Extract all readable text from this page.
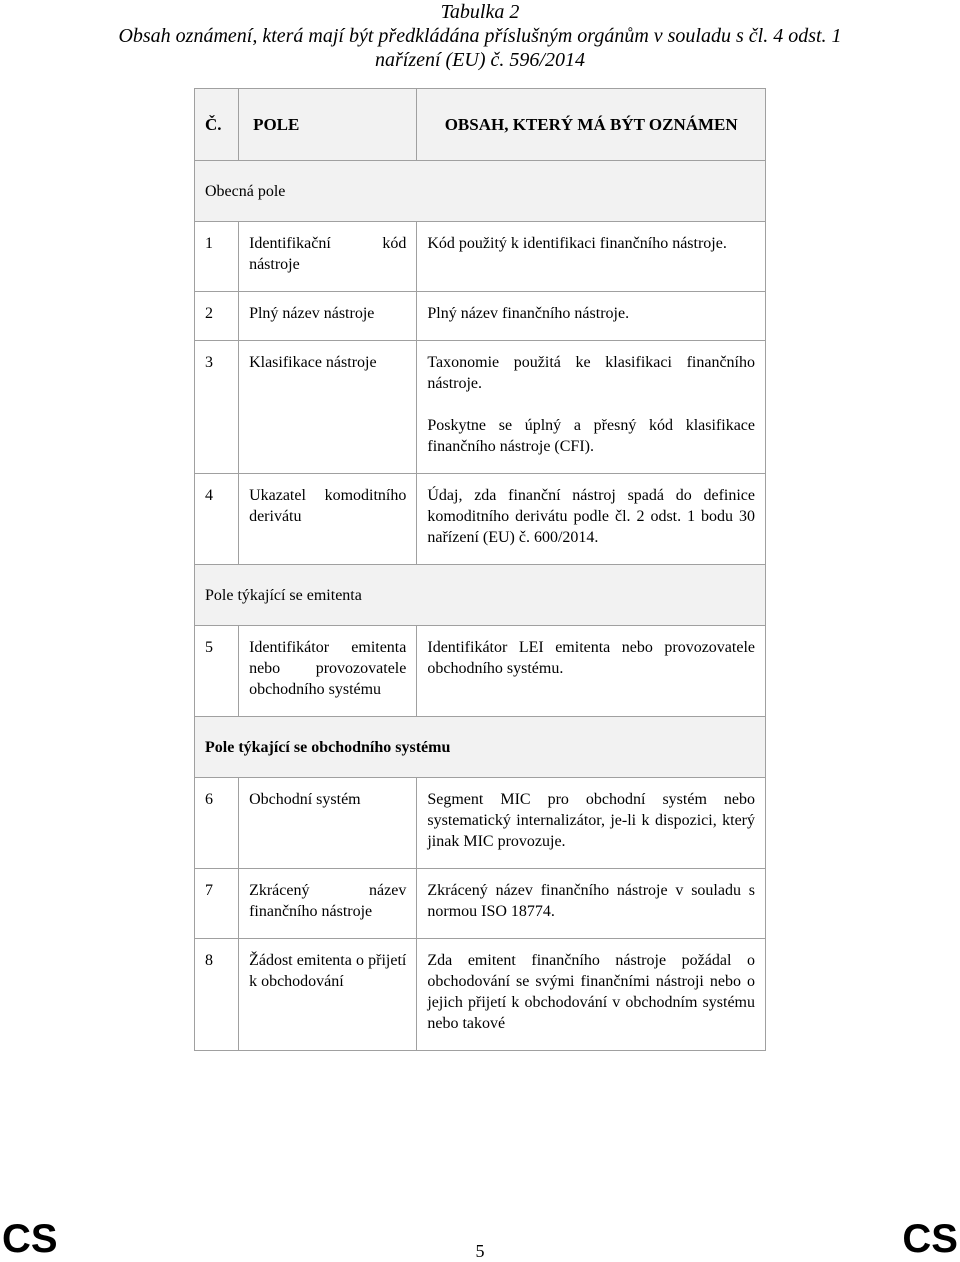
Tabulka 2
Obsah oznámení, která mají být předkládána příslušným orgánům v souladu s čl. 4 odst. 1
nařízení (EU) č. 596/2014
Č.	POLE	OBSAH, KTERÝ MÁ BÝT OZNÁMEN
Obecná pole		
1	Identifikační kód nástroje	Kód použitý k identifikaci finančního nástroje.

2	Plný název nástroje	Plný název finančního nástroje.

3	Klasifikace nástroje	Taxonomie použitá ke klasifikaci finančního nástroje.
Poskytne se úplný a přesný kód klasifikace finančního nástroje (CFI).

4	Ukazatel komoditního derivátu	Údaj, zda finanční nástroj spadá do definice komoditního derivátu podle čl. 2 odst. 1 bodu 30 nařízení (EU) č. 600/2014.

Pole týkající se emitenta		
5	Identifikátor emitenta nebo provozovatele obchodního systému	Identifikátor LEI emitenta nebo provozovatele obchodního systému.

Pole týkající se obchodního systému		
6	Obchodní systém	Segment MIC pro obchodní systém nebo systematický internalizátor, je-li k dispozici, který jinak MIC provozuje.

7	Zkrácený název finančního nástroje	Zkrácený název finančního nástroje v souladu s normou ISO 18774.

8	Žádost emitenta o přijetí k obchodování	Zda emitent finančního nástroje požádal o obchodování se svými finančními nástroji nebo o jejich přijetí k obchodování v obchodním systému nebo takové
CS	5	CS
